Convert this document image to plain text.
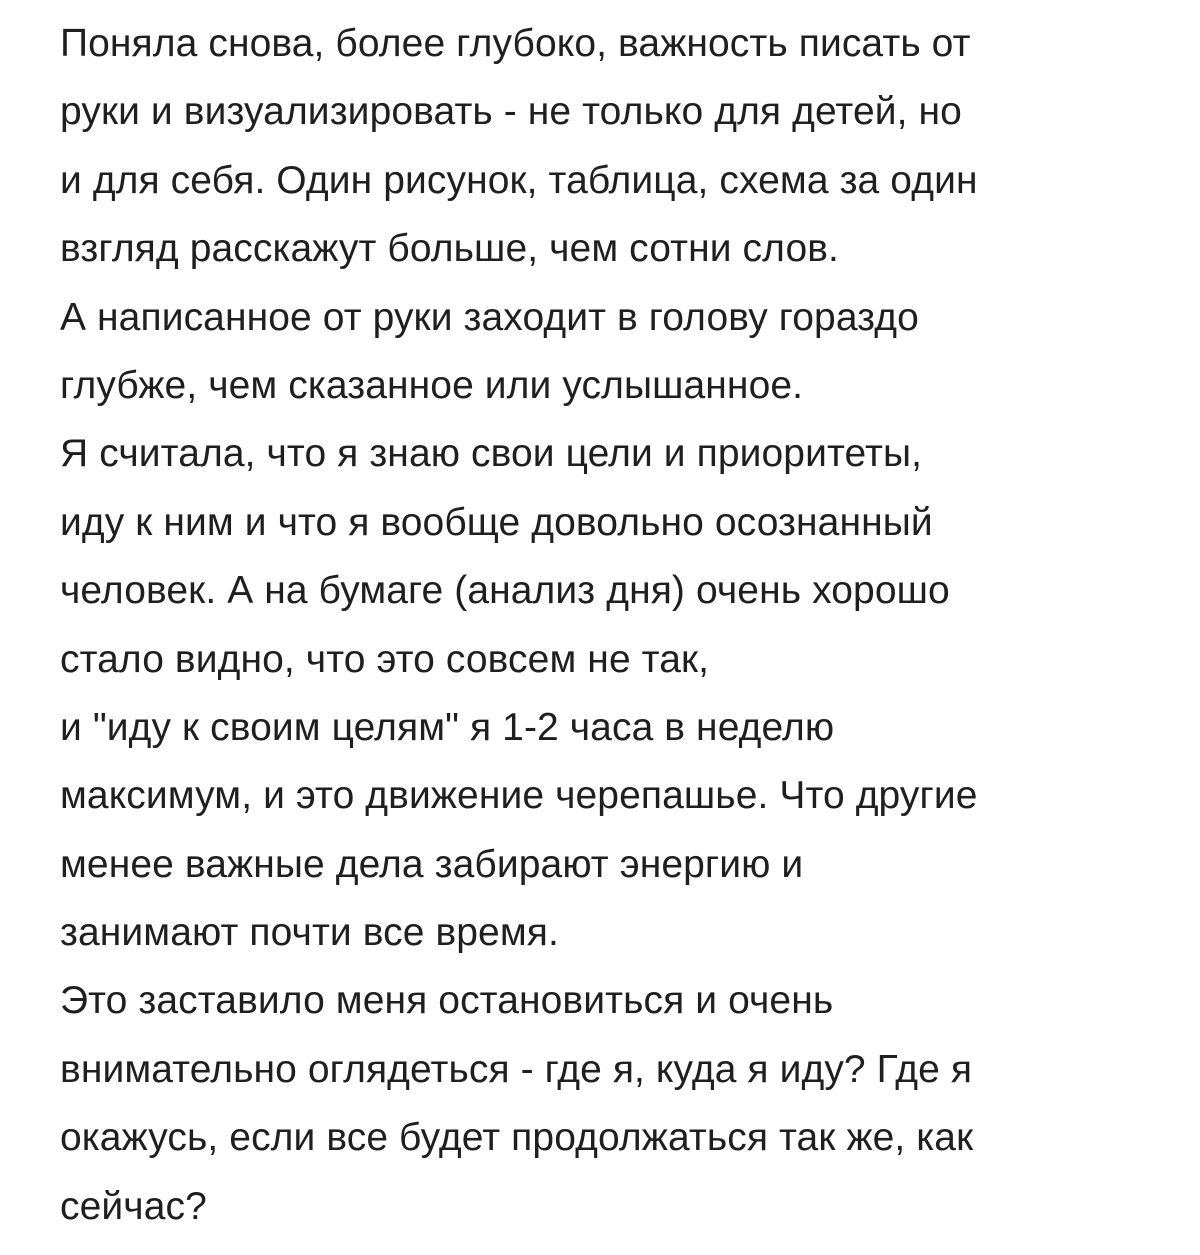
Поняла снова, более глубоко, важность писать от
руки и визуализировать - не только для детей, но
и для себя. Один рисунок, таблица, схема за один
взгляд расскажут больше, чем сотни слов.
А написанное от руки заходит в голову гораздо
глубже, чем сказанное или услышанное.
Я считала, что я знаю свои цели и приоритеты,
иду к ним и что я вообще довольно осознанный
человек. А на бумаге (анализ дня) очень хорошо
стало видно, что это совсем не так,
и "иду к своим целям" я 1-2 часа в неделю
максимум, и это движение черепашье. Что другие
менее важные дела забирают энергию и
занимают почти все время.
Это заставило меня остановиться и очень
внимательно оглядеться - где я, куда я иду? Где я
окажусь, если все будет продолжаться так же, как
сейчас?
